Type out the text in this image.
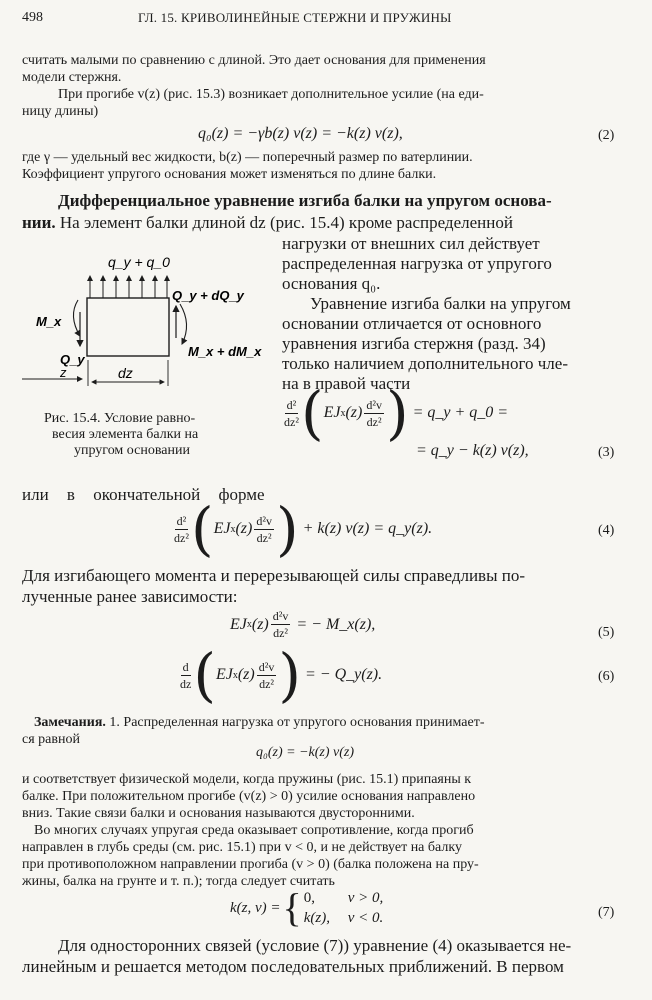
498	ГЛ. 15. КРИВОЛИНЕЙНЫЕ СТЕРЖНИ И ПРУЖИНЫ
считать малыми по сравнению с длиной. Это дает основания для применения
модели стержня.
При прогибе v(z) (рис. 15.3) возникает дополнительное усилие (на еди-
ницу длины)
q₀(z) = −γb(z) v(z) = −k(z) v(z),	(2)
где γ — удельный вес жидкости, b(z) — поперечный размер по ватерлинии.
Коэффициент упругого основания может изменяться по длине балки.
Дифференциальное уравнение изгиба балки на упругом основа-
нии. На элемент балки длиной dz (рис. 15.4) кроме распределенной
нагрузки от внешних сил действует
распределенная нагрузка от упругого
основания q₀.
Уравнение изгиба балки на упругом
основании отличается от основного
уравнения изгиба стержня (разд. 34)
только наличием дополнительного чле-
на в правой части
q_y + q_0
Q_y + dQ_y
M_x
Q_y
M_x + dM_x
z	dz
Рис. 15.4. Условие равно-
весия элемента балки на
упругом основании
$\frac{\text{d²}}{\text{dz²}}$ ( EJ x $(z) \frac{\text{d²v}}{\text{dz²}}$ ) = q_y + q_0 =
= q_y − k(z) v(z),	(3)
или в окончательной форме
$\frac{\text{d²}}{\text{dz²}}$ ( EJ x $(z) \frac{\text{d²v}}{\text{dz²}}$ ) + k(z) v(z) = q_y(z).	(4)
Для изгибающего момента и перерезывающей силы справедливы по-
лученные ранее зависимости:
EJ x $(z) \frac{\text{d²v}}{\text{dz²}}$ = − M_x(z),	(5)
$\frac{d}{dz}$ ( EJ x $(z) \frac{\text{d²v}}{\text{dz²}}$ ) = − Q_y(z).	(6)
Замечания. 1. Распределенная нагрузка от упругого основания принимает-
ся равной
q₀(z) = −k(z) v(z)
и соответствует физической модели, когда пружины (рис. 15.1) припаяны к
балке. При положительном прогибе (v(z) > 0) усилие основания направлено
вниз. Такие связи балки и основания называются двусторонними.
Во многих случаях упругая среда оказывает сопротивление, когда прогиб
направлен в глубь среды (см. рис. 15.1) при v < 0, и не действует на балку
при противоположном направлении прогиба (v > 0) (балка положена на пру-
жины, балка на грунте и т. п.); тогда следует считать
k(z, v) = { 0, v > 0,
k(z), v < 0.	(7)
Для односторонних связей (условие (7)) уравнение (4) оказывается не-
линейным и решается методом последовательных приближений. В первом
